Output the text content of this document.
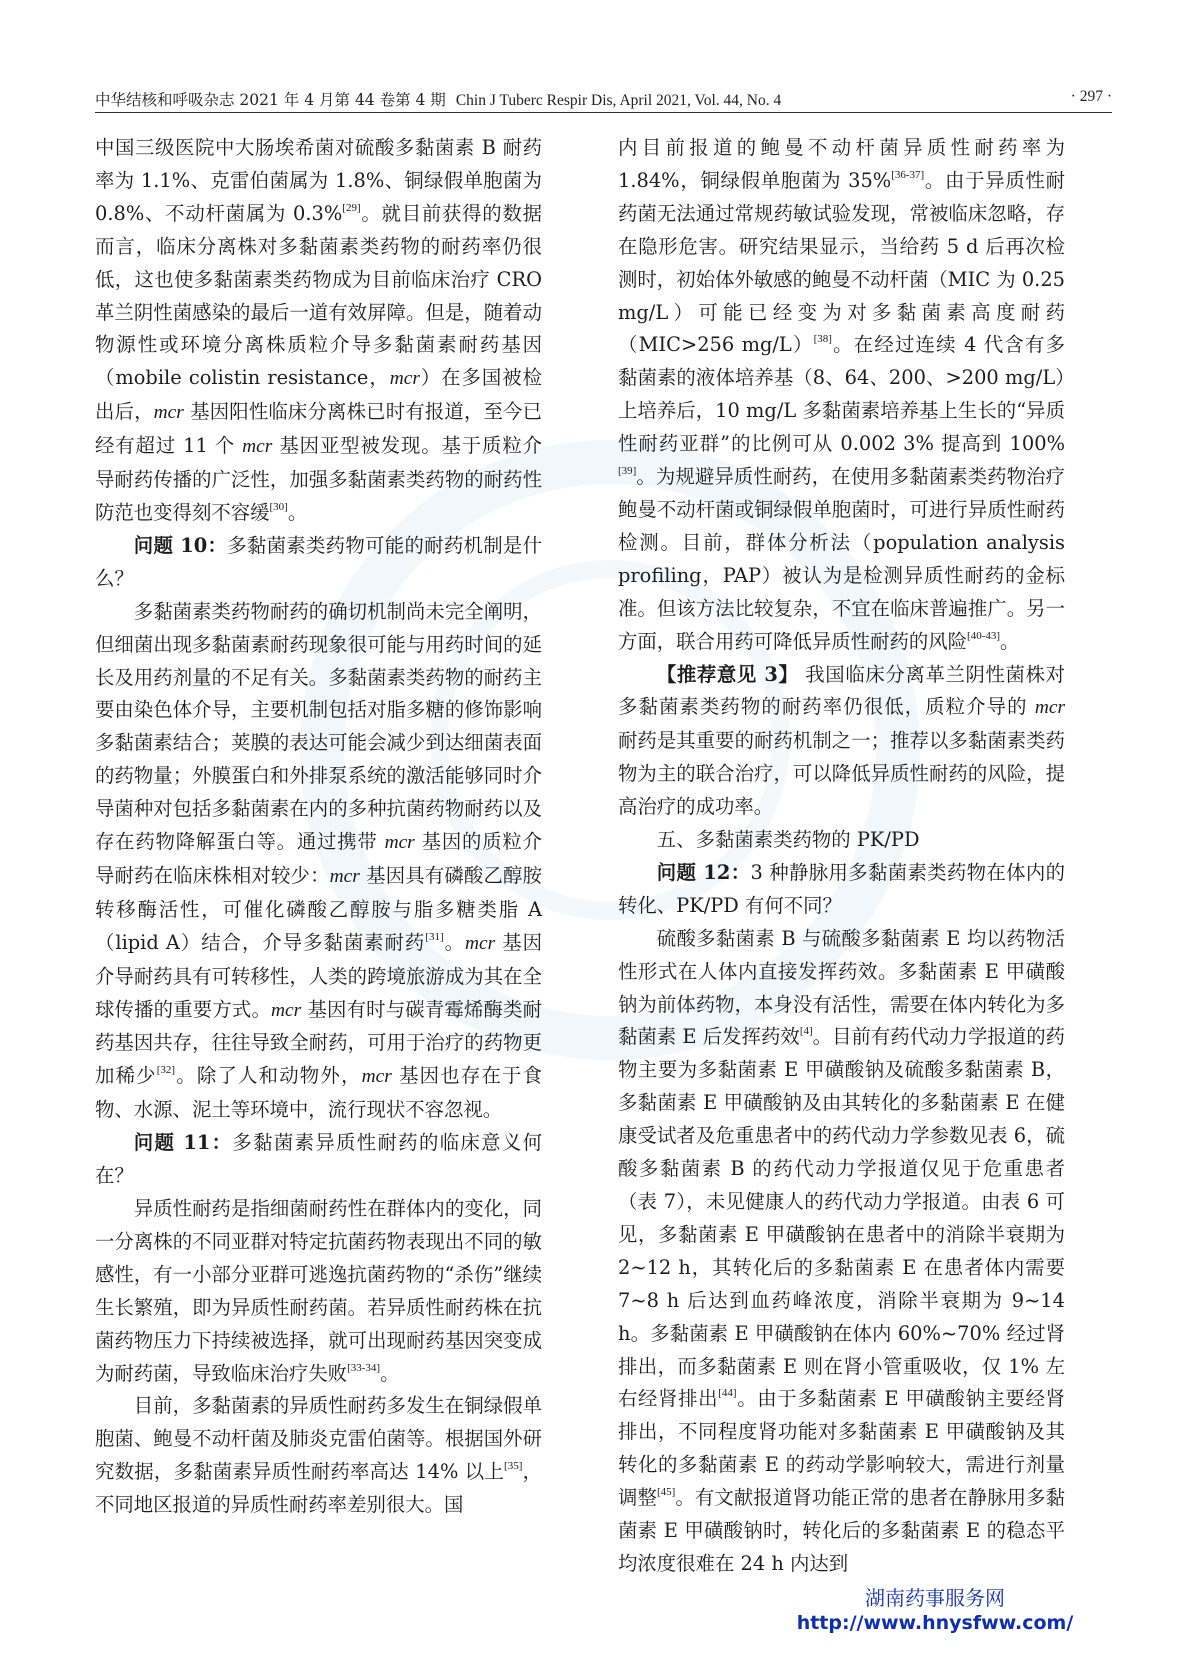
中华结核和呼吸杂志 2021 年 4 月第 44 卷第 4 期 Chin J Tuberc Respir Dis, April 2021, Vol. 44, No. 4	· 297 ·

中国三级医院中大肠埃希菌对硫酸多黏菌素 B 耐药率为 1.1%、克雷伯菌属为 1.8%、铜绿假单胞菌为 0.8%、不动杆菌属为 0.3%[29]。就目前获得的数据而言，临床分离株对多黏菌素类药物的耐药率仍很低，这也使多黏菌素类药物成为目前临床治疗 CRO 革兰阴性菌感染的最后一道有效屏障。但是，随着动物源性或环境分离株质粒介导多黏菌素耐药基因（mobile colistin resistance，mcr）在多国被检出后，mcr 基因阳性临床分离株已时有报道，至今已经有超过 11 个 mcr 基因亚型被发现。基于质粒介导耐药传播的广泛性，加强多黏菌素类药物的耐药性防范也变得刻不容缓[30]。

问题 10：多黏菌素类药物可能的耐药机制是什么？

多黏菌素类药物耐药的确切机制尚未完全阐明，但细菌出现多黏菌素耐药现象很可能与用药时间的延长及用药剂量的不足有关。多黏菌素类药物的耐药主要由染色体介导，主要机制包括对脂多糖的修饰影响多黏菌素结合；荚膜的表达可能会减少到达细菌表面的药物量；外膜蛋白和外排泵系统的激活能够同时介导菌种对包括多黏菌素在内的多种抗菌药物耐药以及存在药物降解蛋白等。通过携带 mcr 基因的质粒介导耐药在临床株相对较少：mcr 基因具有磷酸乙醇胺转移酶活性，可催化磷酸乙醇胺与脂多糖类脂 A（lipid A）结合，介导多黏菌素耐药[31]。mcr 基因介导耐药具有可转移性，人类的跨境旅游成为其在全球传播的重要方式。mcr 基因有时与碳青霉烯酶类耐药基因共存，往往导致全耐药，可用于治疗的药物更加稀少[32]。除了人和动物外，mcr 基因也存在于食物、水源、泥土等环境中，流行现状不容忽视。

问题 11：多黏菌素异质性耐药的临床意义何在？

异质性耐药是指细菌耐药性在群体内的变化，同一分离株的不同亚群对特定抗菌药物表现出不同的敏感性，有一小部分亚群可逃逸抗菌药物的“杀伤”继续生长繁殖，即为异质性耐药菌。若异质性耐药株在抗菌药物压力下持续被选择，就可出现耐药基因突变成为耐药菌，导致临床治疗失败[33-34]。

目前，多黏菌素的异质性耐药多发生在铜绿假单胞菌、鲍曼不动杆菌及肺炎克雷伯菌等。根据国外研究数据，多黏菌素异质性耐药率高达 14% 以上[35]，不同地区报道的异质性耐药率差别很大。国

内目前报道的鲍曼不动杆菌异质性耐药率为 1.84%，铜绿假单胞菌为 35%[36-37]。由于异质性耐药菌无法通过常规药敏试验发现，常被临床忽略，存在隐形危害。研究结果显示，当给药 5 d 后再次检测时，初始体外敏感的鲍曼不动杆菌（MIC 为 0.25 mg/L）可能已经变为对多黏菌素高度耐药（MIC>256 mg/L）[38]。在经过连续 4 代含有多黏菌素的液体培养基（8、64、200、>200 mg/L）上培养后，10 mg/L 多黏菌素培养基上生长的“异质性耐药亚群”的比例可从 0.002 3% 提高到 100%[39]。为规避异质性耐药，在使用多黏菌素类药物治疗鲍曼不动杆菌或铜绿假单胞菌时，可进行异质性耐药检测。目前，群体分析法（population analysis profiling，PAP）被认为是检测异质性耐药的金标准。但该方法比较复杂，不宜在临床普遍推广。另一方面，联合用药可降低异质性耐药的风险[40-43]。

【推荐意见 3】 我国临床分离革兰阴性菌株对多黏菌素类药物的耐药率仍很低，质粒介导的 mcr 耐药是其重要的耐药机制之一；推荐以多黏菌素类药物为主的联合治疗，可以降低异质性耐药的风险，提高治疗的成功率。

五、多黏菌素类药物的 PK/PD

问题 12：3 种静脉用多黏菌素类药物在体内的转化、PK/PD 有何不同？

硫酸多黏菌素 B 与硫酸多黏菌素 E 均以药物活性形式在人体内直接发挥药效。多黏菌素 E 甲磺酸钠为前体药物，本身没有活性，需要在体内转化为多黏菌素 E 后发挥药效[4]。目前有药代动力学报道的药物主要为多黏菌素 E 甲磺酸钠及硫酸多黏菌素 B，多黏菌素 E 甲磺酸钠及由其转化的多黏菌素 E 在健康受试者及危重患者中的药代动力学参数见表 6，硫酸多黏菌素 B 的药代动力学报道仅见于危重患者（表 7），未见健康人的药代动力学报道。由表 6 可见，多黏菌素 E 甲磺酸钠在患者中的消除半衰期为 2~12 h，其转化后的多黏菌素 E 在患者体内需要 7~8 h 后达到血药峰浓度，消除半衰期为 9~14 h。多黏菌素 E 甲磺酸钠在体内 60%~70% 经过肾排出，而多黏菌素 E 则在肾小管重吸收，仅 1% 左右经肾排出[44]。由于多黏菌素 E 甲磺酸钠主要经肾排出，不同程度肾功能对多黏菌素 E 甲磺酸钠及其转化的多黏菌素 E 的药动学影响较大，需进行剂量调整[45]。有文献报道肾功能正常的患者在静脉用多黏菌素 E 甲磺酸钠时，转化后的多黏菌素 E 的稳态平均浓度很难在 24 h 内达到

湖南药事服务网
http://www.hnysfww.com/
